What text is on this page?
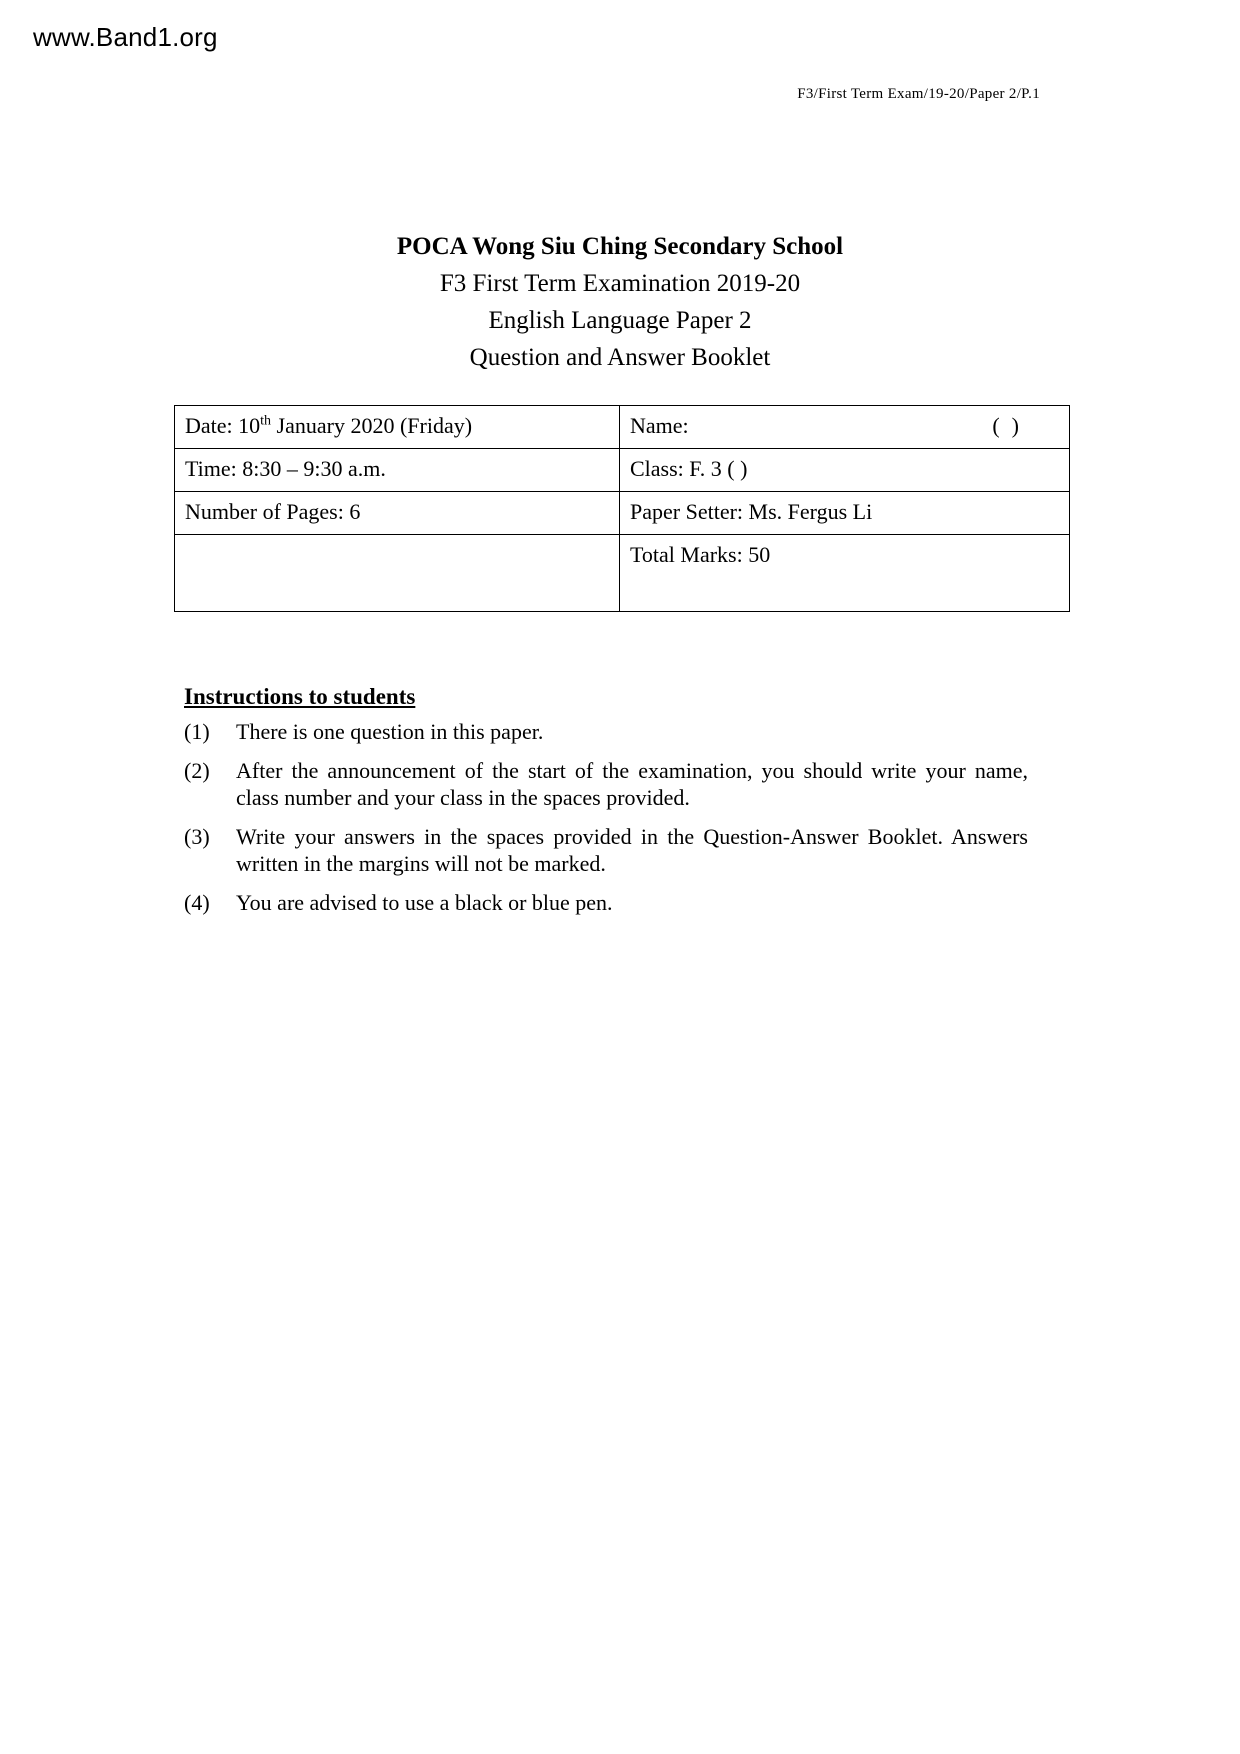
www.Band1.org
F3/First Term Exam/19-20/Paper 2/P.1
POCA Wong Siu Ching Secondary School
F3 First Term Examination 2019-20
English Language Paper 2
Question and Answer Booklet
Date: 10th January 2020 (Friday)	Name: ()

Time: 8:30 – 9:30 a.m.	Class: F. 3 ( )
Number of Pages: 6	Paper Setter: Ms. Fergus Li
	Total Marks: 50
Instructions to students
(1)	There is one question in this paper.
(2)	After the announcement of the start of the examination, you should write your name, class number and your class in the spaces provided.
(3)	Write your answers in the spaces provided in the Question-Answer Booklet. Answers written in the margins will not be marked.
(4)	You are advised to use a black or blue pen.
